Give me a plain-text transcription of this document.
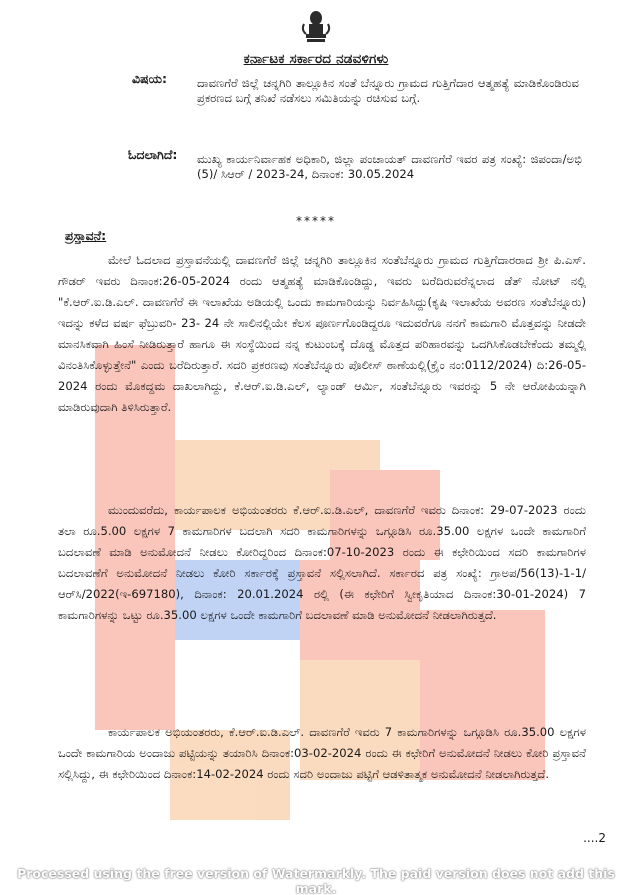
ಕರ್ನಾಟಕ ಸರ್ಕಾರದ ನಡವಳಿಗಳು
ವಿಷಯ:	ದಾವಣಗೆರೆ ಜಿಲ್ಲೆ ಚನ್ನಗಿರಿ ತಾಲ್ಲೂಕಿನ ಸಂತೆ ಬೆನ್ನೂರು ಗ್ರಾಮದ ಗುತ್ತಿಗೆದಾರ ಆತ್ಮಹತ್ಯೆ ಮಾಡಿಕೊಂಡಿರುವ ಪ್ರಕರಣದ ಬಗ್ಗೆ ತನಿಖೆ ನಡೆಸಲು ಸಮಿತಿಯನ್ನು ರಚಿಸುವ ಬಗ್ಗೆ.
ಓದಲಾಗಿದೆ: ಮುಖ್ಯ ಕಾರ್ಯನಿರ್ವಾಹಕ ಅಧಿಕಾರಿ, ಜಿಲ್ಲಾ ಪಂಚಾಯತ್ ದಾವಣಗೆರೆ ಇವರ ಪತ್ರ ಸಂಖ್ಯೆ: ಜಿಪಂದಾ/ಅಭಿ (5)/ ಸಿಆರ್ / 2023-24, ದಿನಾಂಕ: 30.05.2024
*****
ಪ್ರಸ್ತಾವನೆ:
ಮೇಲೆ ಓದಲಾದ ಪ್ರಸ್ತಾವನೆಯಲ್ಲಿ ದಾವಣಗೆರೆ ಜಿಲ್ಲೆ ಚನ್ನಗಿರಿ ತಾಲ್ಲೂಕಿನ ಸಂತೆಬೆನ್ನೂರು ಗ್ರಾಮದ ಗುತ್ತಿಗೆದಾರರಾದ ಶ್ರೀ ಪಿ.ಎಸ್. ಗೌಡರ್ ಇವರು ದಿನಾಂಕ:26-05-2024 ರಂದು ಆತ್ಮಹತ್ಯೆ ಮಾಡಿಕೊಂಡಿದ್ದು, ಇವರು ಬರೆದಿರುವರೆನ್ನಲಾದ ಡೆತ್ ನೋಟ್ ನಲ್ಲಿ "ಕೆ.ಆರ್.ಐ.ಡಿ.ಎಲ್. ದಾವಣಗೆರೆ ಈ ಇಲಾಖೆಯ ಅಡಿಯಲ್ಲಿ ಒಂದು ಕಾಮಗಾರಿಯನ್ನು ನಿರ್ವಹಿಸಿದ್ದು(ಕೃಷಿ ಇಲಾಖೆಯ ಅವರಣ ಸಂತೆಬೆನ್ನೂರು) ಇದನ್ನು ಕಳೆದ ವರ್ಷ ಫೆಬ್ರುವರಿ- 23- 24 ನೇ ಸಾಲಿನಲ್ಲಿಯೇ ಕೆಲಸ ಪೂರ್ಣಗೊಂಡಿದ್ದರೂ ಇದುವರೆಗೂ ನನಗೆ ಕಾಮಗಾರಿ ಮೊತ್ತವನ್ನು ನೀಡದೇ ಮಾನಸಿಕವಾಗಿ ಹಿಂಸೆ ನೀಡಿರುತ್ತಾರೆ ಹಾಗೂ ಈ ಸಂಸ್ಥೆಯಿಂದ ನನ್ನ ಕುಟುಂಬಕ್ಕೆ ದೊಡ್ಡ ಮೊತ್ತದ ಪರಿಹಾರವನ್ನು ಒದಗಿಸಿಕೊಡಬೇಕೆಂದು ತಮ್ಮಲ್ಲಿ ವಿನಂತಿಸಿಕೊಳ್ಳುತ್ತೇನೆ" ಎಂದು ಬರೆದಿರುತ್ತಾರೆ. ಸದರಿ ಪ್ರಕರಣವು ಸಂತೆಬೆನ್ನೂರು ಪೊಲೀಸ್ ಠಾಣೆಯಲ್ಲಿ(ಕ್ರೈಂ ನಂ:0112/2024) ದಿ:26-05-2024 ರಂದು ಮೊಕದ್ದಮ ದಾಖಲಾಗಿದ್ದು, ಕೆ.ಆರ್.ಐ.ಡಿ.ಎಲ್, ಲ್ಯಾಂಡ್ ಆರ್ಮಿ, ಸಂತೆಬೆನ್ನೂರು ಇವರನ್ನು 5 ನೇ ಆರೋಪಿಯನ್ನಾಗಿ ಮಾಡಿರುವುದಾಗಿ ತಿಳಿಸಿರುತ್ತಾರೆ.
ಮುಂದುವರೆದು, ಕಾರ್ಯಪಾಲಕ ಅಭಿಯಂತರರು ಕೆ.ಆರ್.ಐ.ಡಿ.ಎಲ್, ದಾವಣಗೆರೆ ಇವರು ದಿನಾಂಕ: 29-07-2023 ರಂದು ತಲಾ ರೂ.5.00 ಲಕ್ಷಗಳ 7 ಕಾಮಗಾರಿಗಳ ಬದಲಾಗಿ ಸದರಿ ಕಾಮಗಾರಿಗಳನ್ನು ಒಗ್ಗೂಡಿಸಿ ರೂ.35.00 ಲಕ್ಷಗಳ ಒಂದೇ ಕಾಮಗಾರಿಗೆ ಬದಲಾವಣೆ ಮಾಡಿ ಅನುಮೋದನೆ ನೀಡಲು ಕೋರಿದ್ದರಿಂದ ದಿನಾಂಕ:07-10-2023 ರಂದು ಈ ಕಛೇರಿಯಿಂದ ಸದರಿ ಕಾಮಗಾರಿಗಳ ಬದಲಾವಣೆಗೆ ಅನುಮೋದನೆ ನೀಡಲು ಕೋರಿ ಸರ್ಕಾರಕ್ಕೆ ಪ್ರಸ್ತಾವನೆ ಸಲ್ಲಿಸಲಾಗಿದೆ. ಸರ್ಕಾರದ ಪತ್ರ ಸಂಖ್ಯೆ: ಗ್ರಾಅಪ/56(13)-1-1/ಆರ್‌ಸಿ/2022(ಇ-697180), ದಿನಾಂಕ: 20.01.2024 ರಲ್ಲಿ (ಈ ಕಛೇರಿಗೆ ಸ್ವೀಕೃತಿಯಾದ ದಿನಾಂಕ:30-01-2024) 7 ಕಾಮಗಾರಿಗಳನ್ನು ಒಟ್ಟು ರೂ.35.00 ಲಕ್ಷಗಳ ಒಂದೇ ಕಾಮಗಾರಿಗೆ ಬದಲಾವಣೆ ಮಾಡಿ ಅನುಮೋದನೆ ನೀಡಲಾಗಿರುತ್ತದೆ.
ಕಾರ್ಯಪಾಲಕ ಅಭಿಯಂತರರು, ಕೆ.ಆರ್.ಐ.ಡಿ.ಎಲ್. ದಾವಣಗೆರೆ ಇವರು 7 ಕಾಮಗಾರಿಗಳನ್ನು ಒಗ್ಗೂಡಿಸಿ ರೂ.35.00 ಲಕ್ಷಗಳ ಒಂದೇ ಕಾಮಗಾರಿಯ ಅಂದಾಜು ಪಟ್ಟಿಯನ್ನು ತಯಾರಿಸಿ ದಿನಾಂಕ:03-02-2024 ರಂದು ಈ ಕಛೇರಿಗೆ ಅನುಮೋದನೆ ನೀಡಲು ಕೋರಿ ಪ್ರಸ್ತಾವನೆ ಸಲ್ಲಿಸಿದ್ದು, ಈ ಕಛೇರಿಯಿಂದ ದಿನಾಂಕ:14-02-2024 ರಂದು ಸದರಿ ಅಂದಾಜು ಪಟ್ಟಿಗೆ ಆಡಳಿತಾತ್ಮಕ ಅನುಮೋದನೆ ನೀಡಲಾಗಿರುತ್ತದೆ.
....2
Processed using the free version of Watermarkly. The paid version does not add this mark.
